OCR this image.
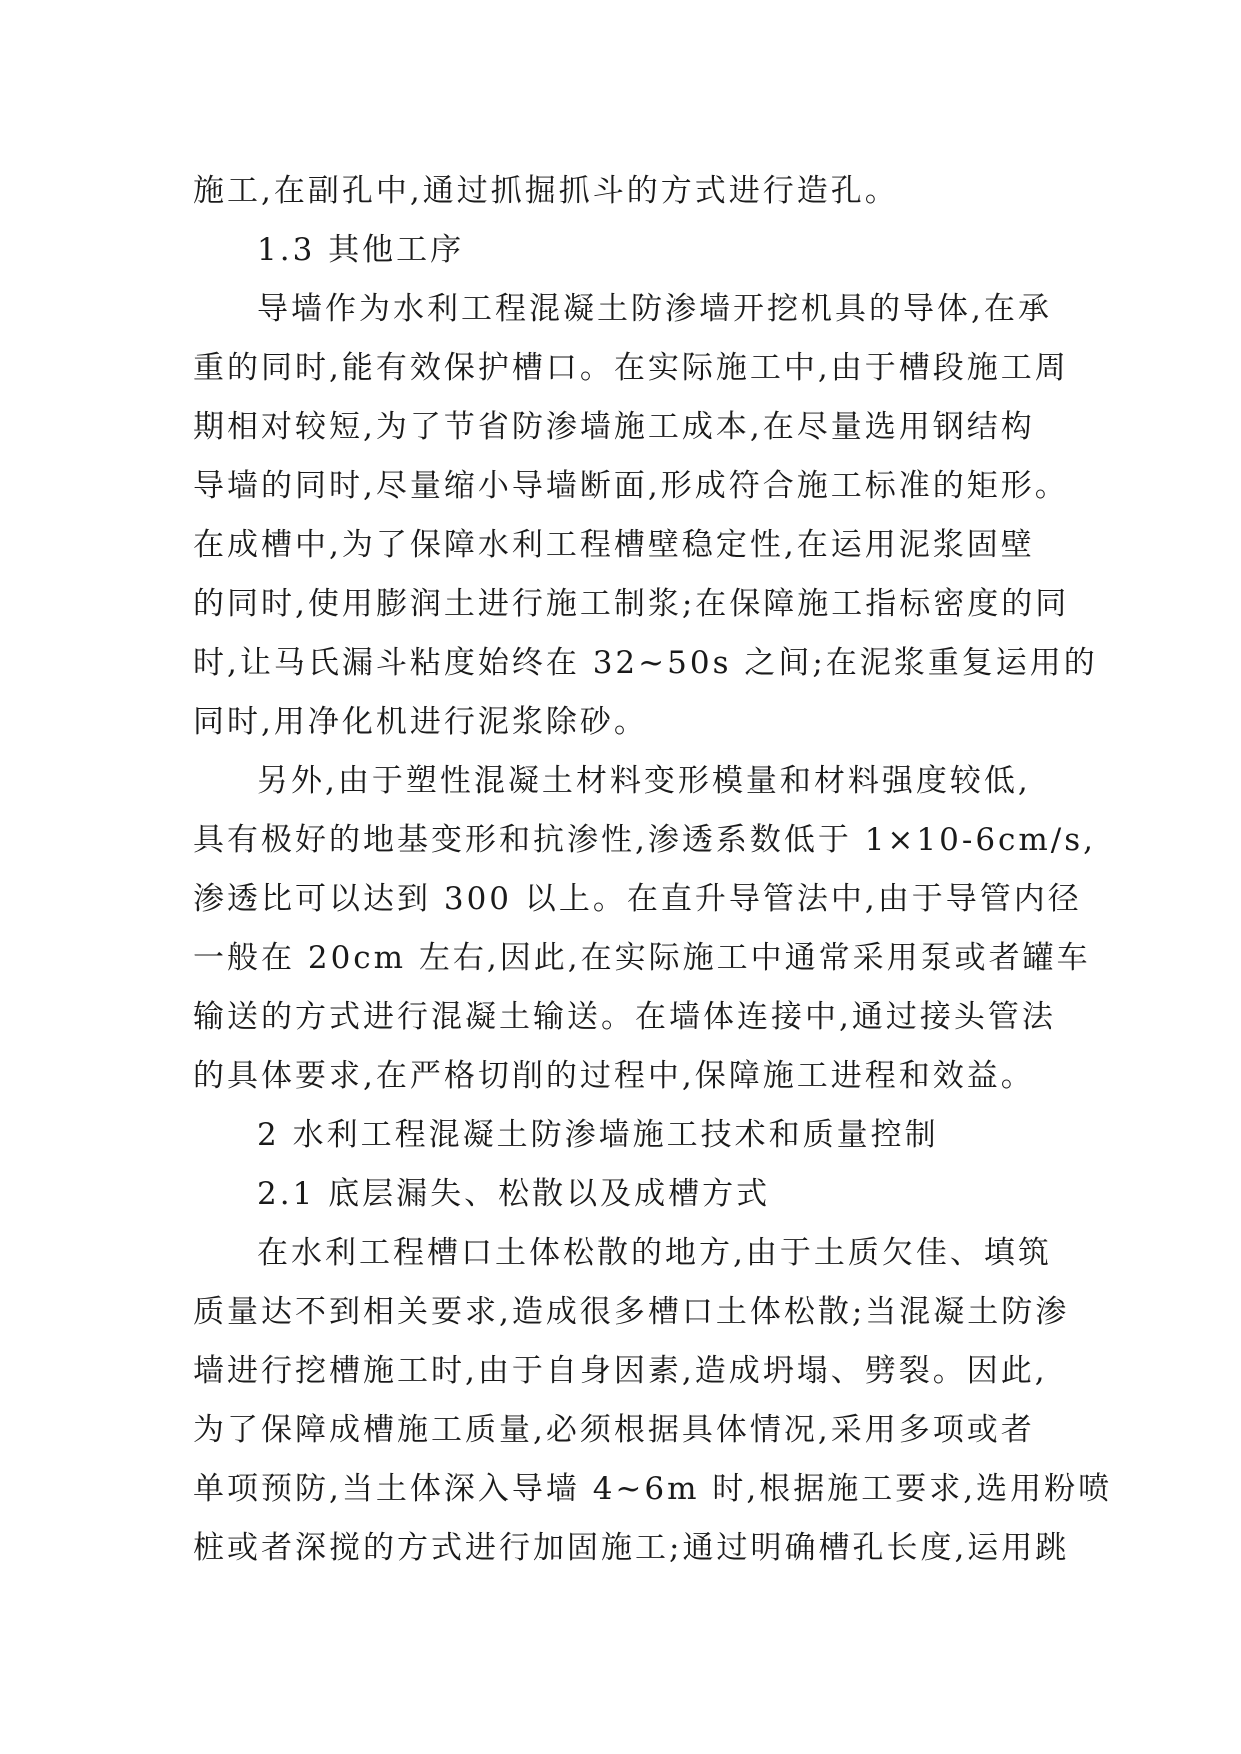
施工,在副孔中,通过抓掘抓斗的方式进行造孔。
1.3 其他工序
导墙作为水利工程混凝土防渗墙开挖机具的导体,在承
重的同时,能有效保护槽口。在实际施工中,由于槽段施工周
期相对较短,为了节省防渗墙施工成本,在尽量选用钢结构
导墙的同时,尽量缩小导墙断面,形成符合施工标准的矩形。
在成槽中,为了保障水利工程槽壁稳定性,在运用泥浆固壁
的同时,使用膨润土进行施工制浆;在保障施工指标密度的同
时,让马氏漏斗粘度始终在 32~50s 之间;在泥浆重复运用的
同时,用净化机进行泥浆除砂。
另外,由于塑性混凝土材料变形模量和材料强度较低,
具有极好的地基变形和抗渗性,渗透系数低于 1×10-6cm/s,
渗透比可以达到 300 以上。在直升导管法中,由于导管内径
一般在 20cm 左右,因此,在实际施工中通常采用泵或者罐车
输送的方式进行混凝土输送。在墙体连接中,通过接头管法
的具体要求,在严格切削的过程中,保障施工进程和效益。
2 水利工程混凝土防渗墙施工技术和质量控制
2.1 底层漏失、松散以及成槽方式
在水利工程槽口土体松散的地方,由于土质欠佳、填筑
质量达不到相关要求,造成很多槽口土体松散;当混凝土防渗
墙进行挖槽施工时,由于自身因素,造成坍塌、劈裂。因此,
为了保障成槽施工质量,必须根据具体情况,采用多项或者
单项预防,当土体深入导墙 4~6m 时,根据施工要求,选用粉喷
桩或者深搅的方式进行加固施工;通过明确槽孔长度,运用跳
